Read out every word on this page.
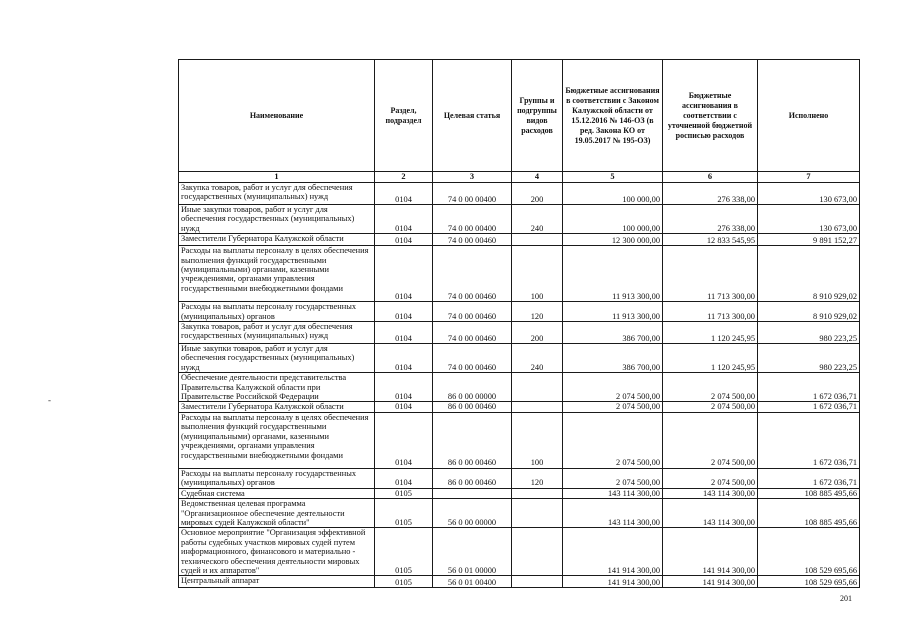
Наименование	Раздел, подраздел	Целевая статья	Группы и подгруппы видов расходов	Бюджетные ассигнования в соответствии с Законом Калужской области от 15.12.2016 № 146-ОЗ (в ред. Закона КО от 19.05.2017 № 195-ОЗ)	Бюджетные ассигнования в соответствии с уточненной бюджетной росписью расходов	Исполнено
1	2	3	4	5	6	7
Закупка товаров, работ и услуг для обеспечения государственных (муниципальных) нужд	0104	74 0 00 00400	200	100 000,00	276 338,00	130 673,00
Иные закупки товаров, работ и услуг для обеспечения государственных (муниципальных) нужд	0104	74 0 00 00400	240	100 000,00	276 338,00	130 673,00
Заместители Губернатора Калужской области	0104	74 0 00 00460		12 300 000,00	12 833 545,95	9 891 152,27
Расходы на выплаты персоналу в целях обеспечения выполнения функций государственными (муниципальными) органами, казенными учреждениями, органами управления государственными внебюджетными фондами	0104	74 0 00 00460	100	11 913 300,00	11 713 300,00	8 910 929,02
Расходы на выплаты персоналу государственных (муниципальных) органов	0104	74 0 00 00460	120	11 913 300,00	11 713 300,00	8 910 929,02
Закупка товаров, работ и услуг для обеспечения государственных (муниципальных) нужд	0104	74 0 00 00460	200	386 700,00	1 120 245,95	980 223,25
Иные закупки товаров, работ и услуг для обеспечения государственных (муниципальных) нужд	0104	74 0 00 00460	240	386 700,00	1 120 245,95	980 223,25
Обеспечение деятельности представительства Правительства Калужской области при Правительстве Российской Федерации	0104	86 0 00 00000		2 074 500,00	2 074 500,00	1 672 036,71
Заместители Губернатора Калужской области	0104	86 0 00 00460		2 074 500,00	2 074 500,00	1 672 036,71
Расходы на выплаты персоналу в целях обеспечения выполнения функций государственными (муниципальными) органами, казенными учреждениями, органами управления государственными внебюджетными фондами	0104	86 0 00 00460	100	2 074 500,00	2 074 500,00	1 672 036,71
Расходы на выплаты персоналу государственных (муниципальных) органов	0104	86 0 00 00460	120	2 074 500,00	2 074 500,00	1 672 036,71
Судебная система	0105			143 114 300,00	143 114 300,00	108 885 495,66
Ведомственная целевая программа "Организационное обеспечение деятельности мировых судей Калужской области"	0105	56 0 00 00000		143 114 300,00	143 114 300,00	108 885 495,66
Основное мероприятие "Организация эффективной работы судебных участков мировых судей путем информационного, финансового и материально - технического обеспечения деятельности мировых судей и их аппаратов"	0105	56 0 01 00000		141 914 300,00	141 914 300,00	108 529 695,66
Центральный аппарат	0105	56 0 01 00400		141 914 300,00	141 914 300,00	108 529 695,66
201
-
